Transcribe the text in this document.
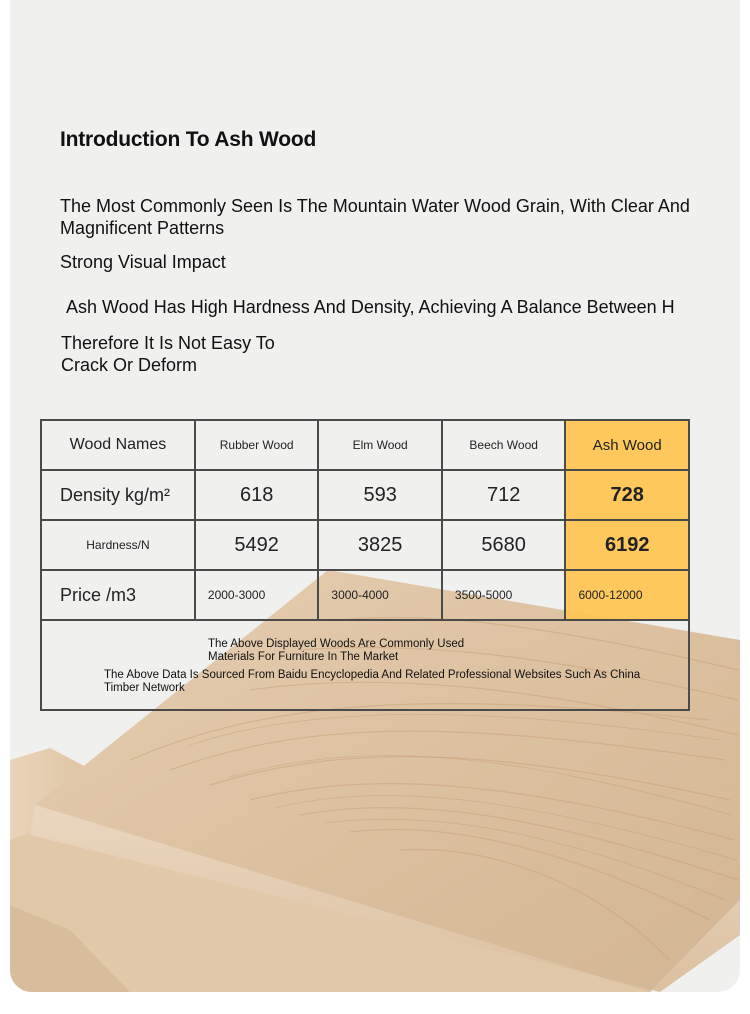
Introduction To Ash Wood
The Most Commonly Seen Is The Mountain Water Wood Grain, With Clear And Magnificent Patterns
Strong Visual Impact
Ash Wood Has High Hardness And Density, Achieving A Balance Between H
Therefore It Is Not Easy To Crack Or Deform
Wood Names	Rubber Wood	Elm Wood	Beech Wood	Ash Wood
Density kg/m²	618	593	712	728
Hardness/N	5492	3825	5680	6192
Price /m3	2000-3000	3000-4000	3500-5000	6000-12000

The Above Displayed Woods Are Commonly Used Materials For Furniture In The Market
The Above Data Is Sourced From Baidu Encyclopedia And Related Professional Websites Such As China Timber Network				
